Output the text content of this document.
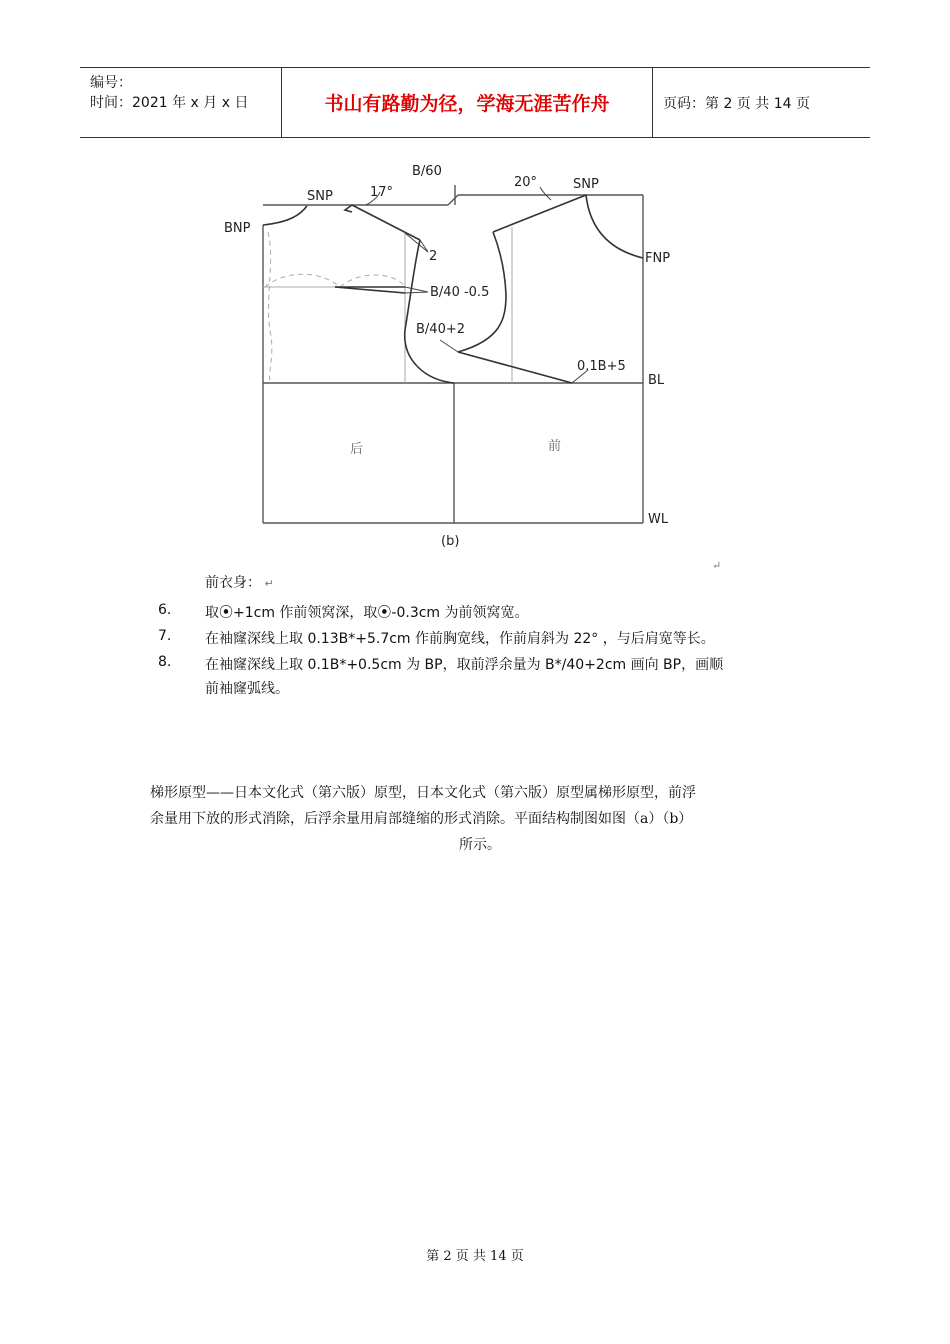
编号：
时间：2021 年 x 月 x 日	书山有路勤为径，学海无涯苦作舟	页码：第 2 页 共 14 页
B/60
17°
20°
SNP
SNP
BNP
FNP
2
B/40 -0.5
B/40+2
0.1B+5
BL
WL
后	前
(b)
↵
前衣身： ↵
6. 取⦿+1cm 作前领窝深，取⦿-0.3cm 为前领窝宽。
7. 在袖窿深线上取 0.13B*+5.7cm 作前胸宽线，作前肩斜为 22° ，与后肩宽等长。
8. 在袖窿深线上取 0.1B*+0.5cm 为 BP，取前浮余量为 B*/40+2cm 画向 BP，画顺
前袖窿弧线。
梯形原型——日本文化式（第六版）原型，日本文化式（第六版）原型属梯形原型，前浮
余量用下放的形式消除，后浮余量用肩部缝缩的形式消除。平面结构制图如图（a）（b）
所示。
第 2 页 共 14 页
